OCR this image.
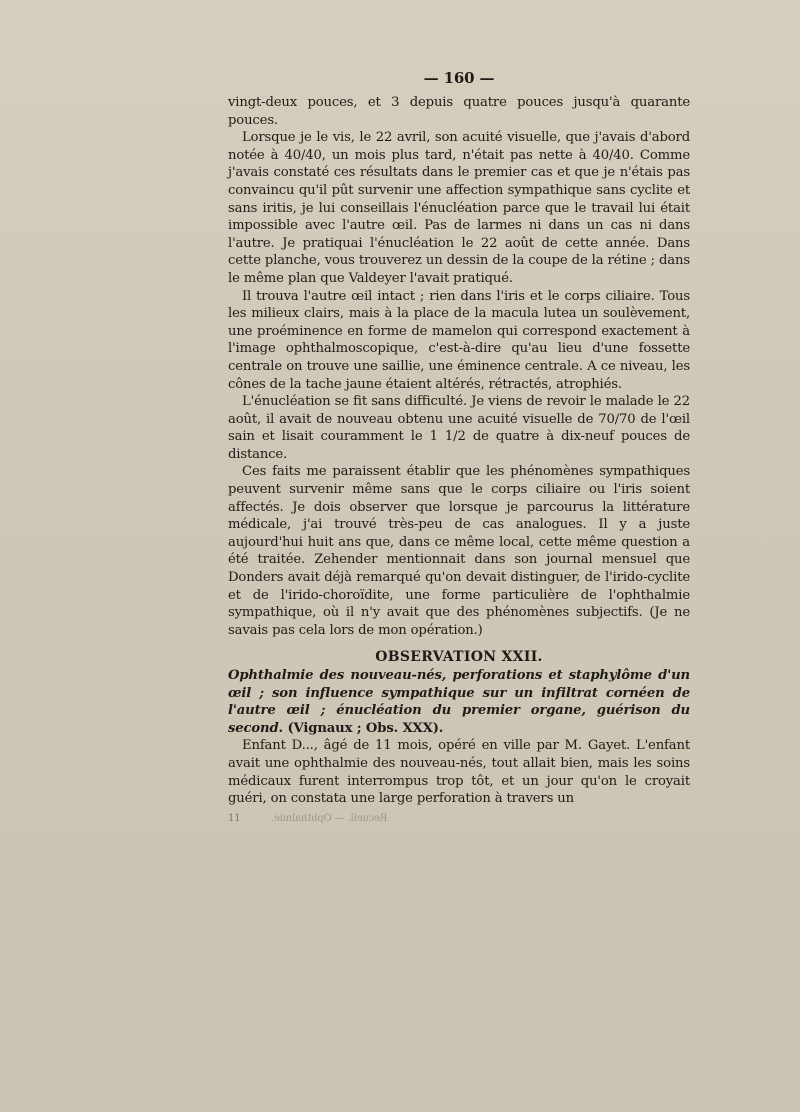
— 160 —

vingt-deux pouces, et 3 depuis quatre pouces jusqu'à quarante pouces.

Lorsque je le vis, le 22 avril, son acuité visuelle, que j'avais d'abord notée à 40/40, un mois plus tard, n'était pas nette à 40/40. Comme j'avais constaté ces résultats dans le premier cas et que je n'étais pas convaincu qu'il pût survenir une affection sympathique sans cyclite et sans iritis, je lui conseillais l'énucléation parce que le travail lui était impossible avec l'autre œil. Pas de larmes ni dans un cas ni dans l'autre. Je pratiquai l'énucléation le 22 août de cette année. Dans cette planche, vous trouverez un dessin de la coupe de la rétine ; dans le même plan que Valdeyer l'avait pratiqué.

Il trouva l'autre œil intact ; rien dans l'iris et le corps ciliaire. Tous les milieux clairs, mais à la place de la macula lutea un soulèvement, une proéminence en forme de mamelon qui correspond exactement à l'image ophthalmoscopique, c'est-à-dire qu'au lieu d'une fossette centrale on trouve une saillie, une éminence centrale. A ce niveau, les cônes de la tache jaune étaient altérés, rétractés, atrophiés.

L'énucléation se fit sans difficulté. Je viens de revoir le malade le 22 août, il avait de nouveau obtenu une acuité visuelle de 70/70 de l'œil sain et lisait couramment le 1 1/2 de quatre à dix-neuf pouces de distance.

Ces faits me paraissent établir que les phénomènes sympathiques peuvent survenir même sans que le corps ciliaire ou l'iris soient affectés. Je dois observer que lorsque je parcourus la littérature médicale, j'ai trouvé très-peu de cas analogues. Il y a juste aujourd'hui huit ans que, dans ce même local, cette même question a été traitée. Zehender mentionnait dans son journal mensuel que Donders avait déjà remarqué qu'on devait distinguer, de l'irido-cyclite et de l'irido-choroïdite, une forme particulière de l'ophthalmie sympathique, où il n'y avait que des phénomènes subjectifs. (Je ne savais pas cela lors de mon opération.)

OBSERVATION XXII.

Ophthalmie des nouveau-nés, perforations et staphylôme d'un œil ; son influence sympathique sur un infiltrat cornéen de l'autre œil ; énucléation du premier organe, guérison du second. (Vignaux ; Obs. XXX).

Enfant D..., âgé de 11 mois, opéré en ville par M. Gayet. L'enfant avait une ophthalmie des nouveau-nés, tout allait bien, mais les soins médicaux furent interrompus trop tôt, et un jour qu'on le croyait guéri, on constata une large perforation à travers un

11	Recueil. — Ophthalmie.
